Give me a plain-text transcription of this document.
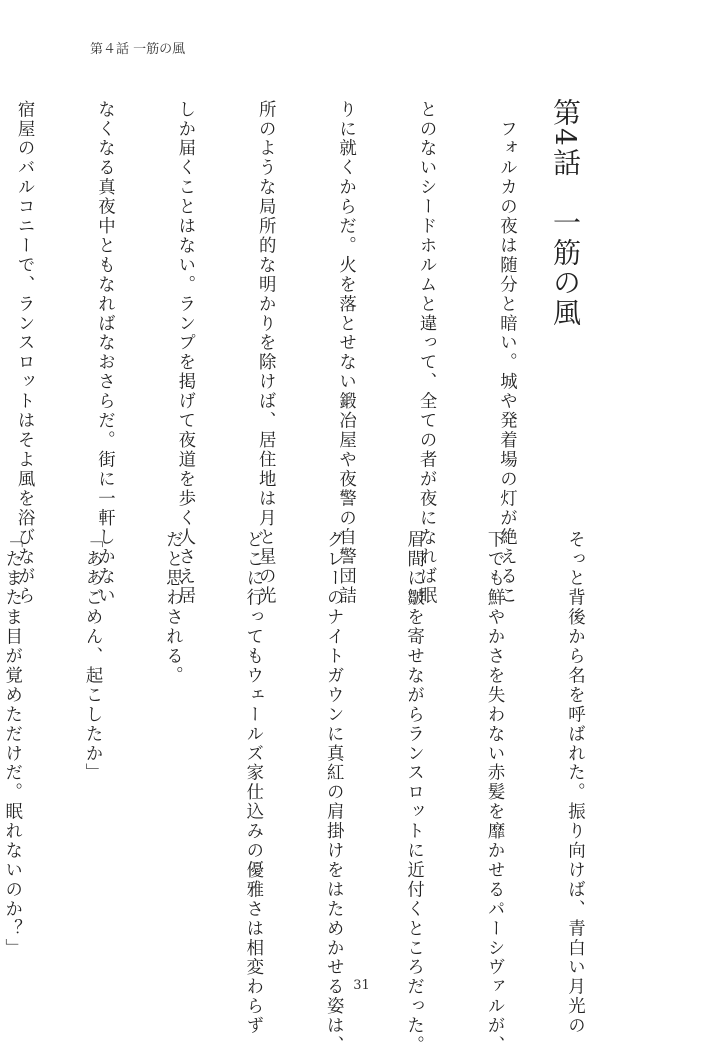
第４話 一筋の風
第4話　一筋の風

　フォルカの夜は随分と暗い。城や発着場の灯が絶えるこ

とのないシードホルムと違って、全ての者が夜になれば眠

りに就くからだ。火を落とせない鍛冶屋や夜警の自警団詰

所のような局所的な明かりを除けば、居住地は月と星の光

しか届くことはない。ランプを掲げて夜道を歩く人さえ居

なくなる真夜中ともなればなおさらだ。街に一軒しかない

宿屋のバルコニーで、ランスロットはそよ風を浴びながら

そっと背後から名を呼ばれた。振り向けば、青白い月光の

下でも鮮やかさを失わない赤髪を靡かせるパーシヴァルが、

眉間に皺を寄せながらランスロットに近付くところだった。

グレーのナイトガウンに真紅の肩掛けをはためかせる姿は、

どこに行ってもウェールズ家仕込みの優雅さは相変わらず

だと思わされる。

「ああごめん、起こしたか」

「たまたま目が覚めただけだ。眠れないのか？」

31
